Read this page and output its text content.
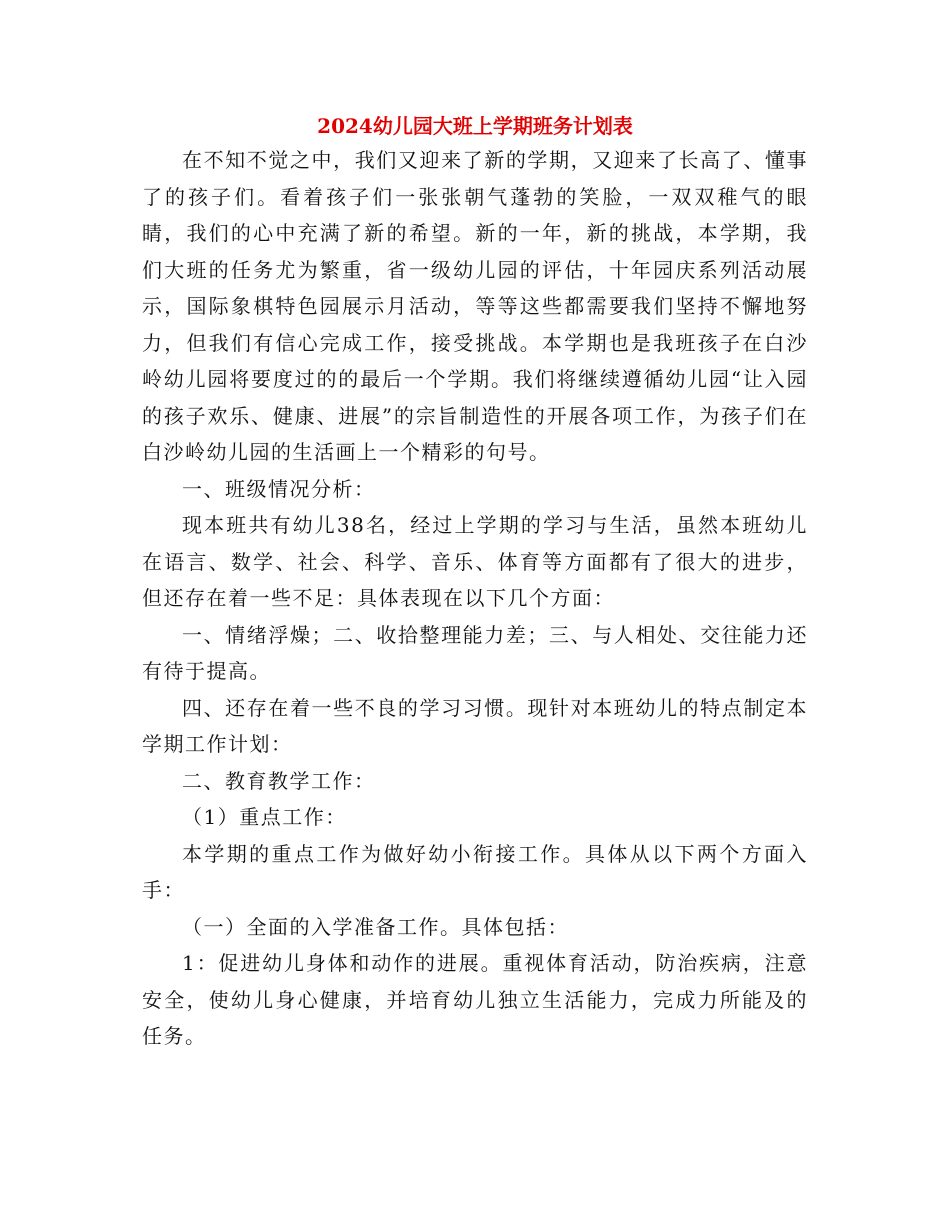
2024幼儿园大班上学期班务计划表

在不知不觉之中，我们又迎来了新的学期，又迎来了长高了、懂事了的孩子们。看着孩子们一张张朝气蓬勃的笑脸，一双双稚气的眼睛，我们的心中充满了新的希望。新的一年，新的挑战，本学期，我们大班的任务尤为繁重，省一级幼儿园的评估，十年园庆系列活动展示，国际象棋特色园展示月活动，等等这些都需要我们坚持不懈地努力，但我们有信心完成工作，接受挑战。本学期也是我班孩子在白沙岭幼儿园将要度过的的最后一个学期。我们将继续遵循幼儿园“让入园的孩子欢乐、健康、进展”的宗旨制造性的开展各项工作，为孩子们在白沙岭幼儿园的生活画上一个精彩的句号。

一、班级情况分析：

现本班共有幼儿38名，经过上学期的学习与生活，虽然本班幼儿在语言、数学、社会、科学、音乐、体育等方面都有了很大的进步，但还存在着一些不足：具体表现在以下几个方面：

一、情绪浮燥；二、收拾整理能力差；三、与人相处、交往能力还有待于提高。

四、还存在着一些不良的学习习惯。现针对本班幼儿的特点制定本学期工作计划：

二、教育教学工作：

（1）重点工作：

本学期的重点工作为做好幼小衔接工作。具体从以下两个方面入手：

（一）全面的入学准备工作。具体包括：

1：促进幼儿身体和动作的进展。重视体育活动，防治疾病，注意安全，使幼儿身心健康，并培育幼儿独立生活能力，完成力所能及的任务。
